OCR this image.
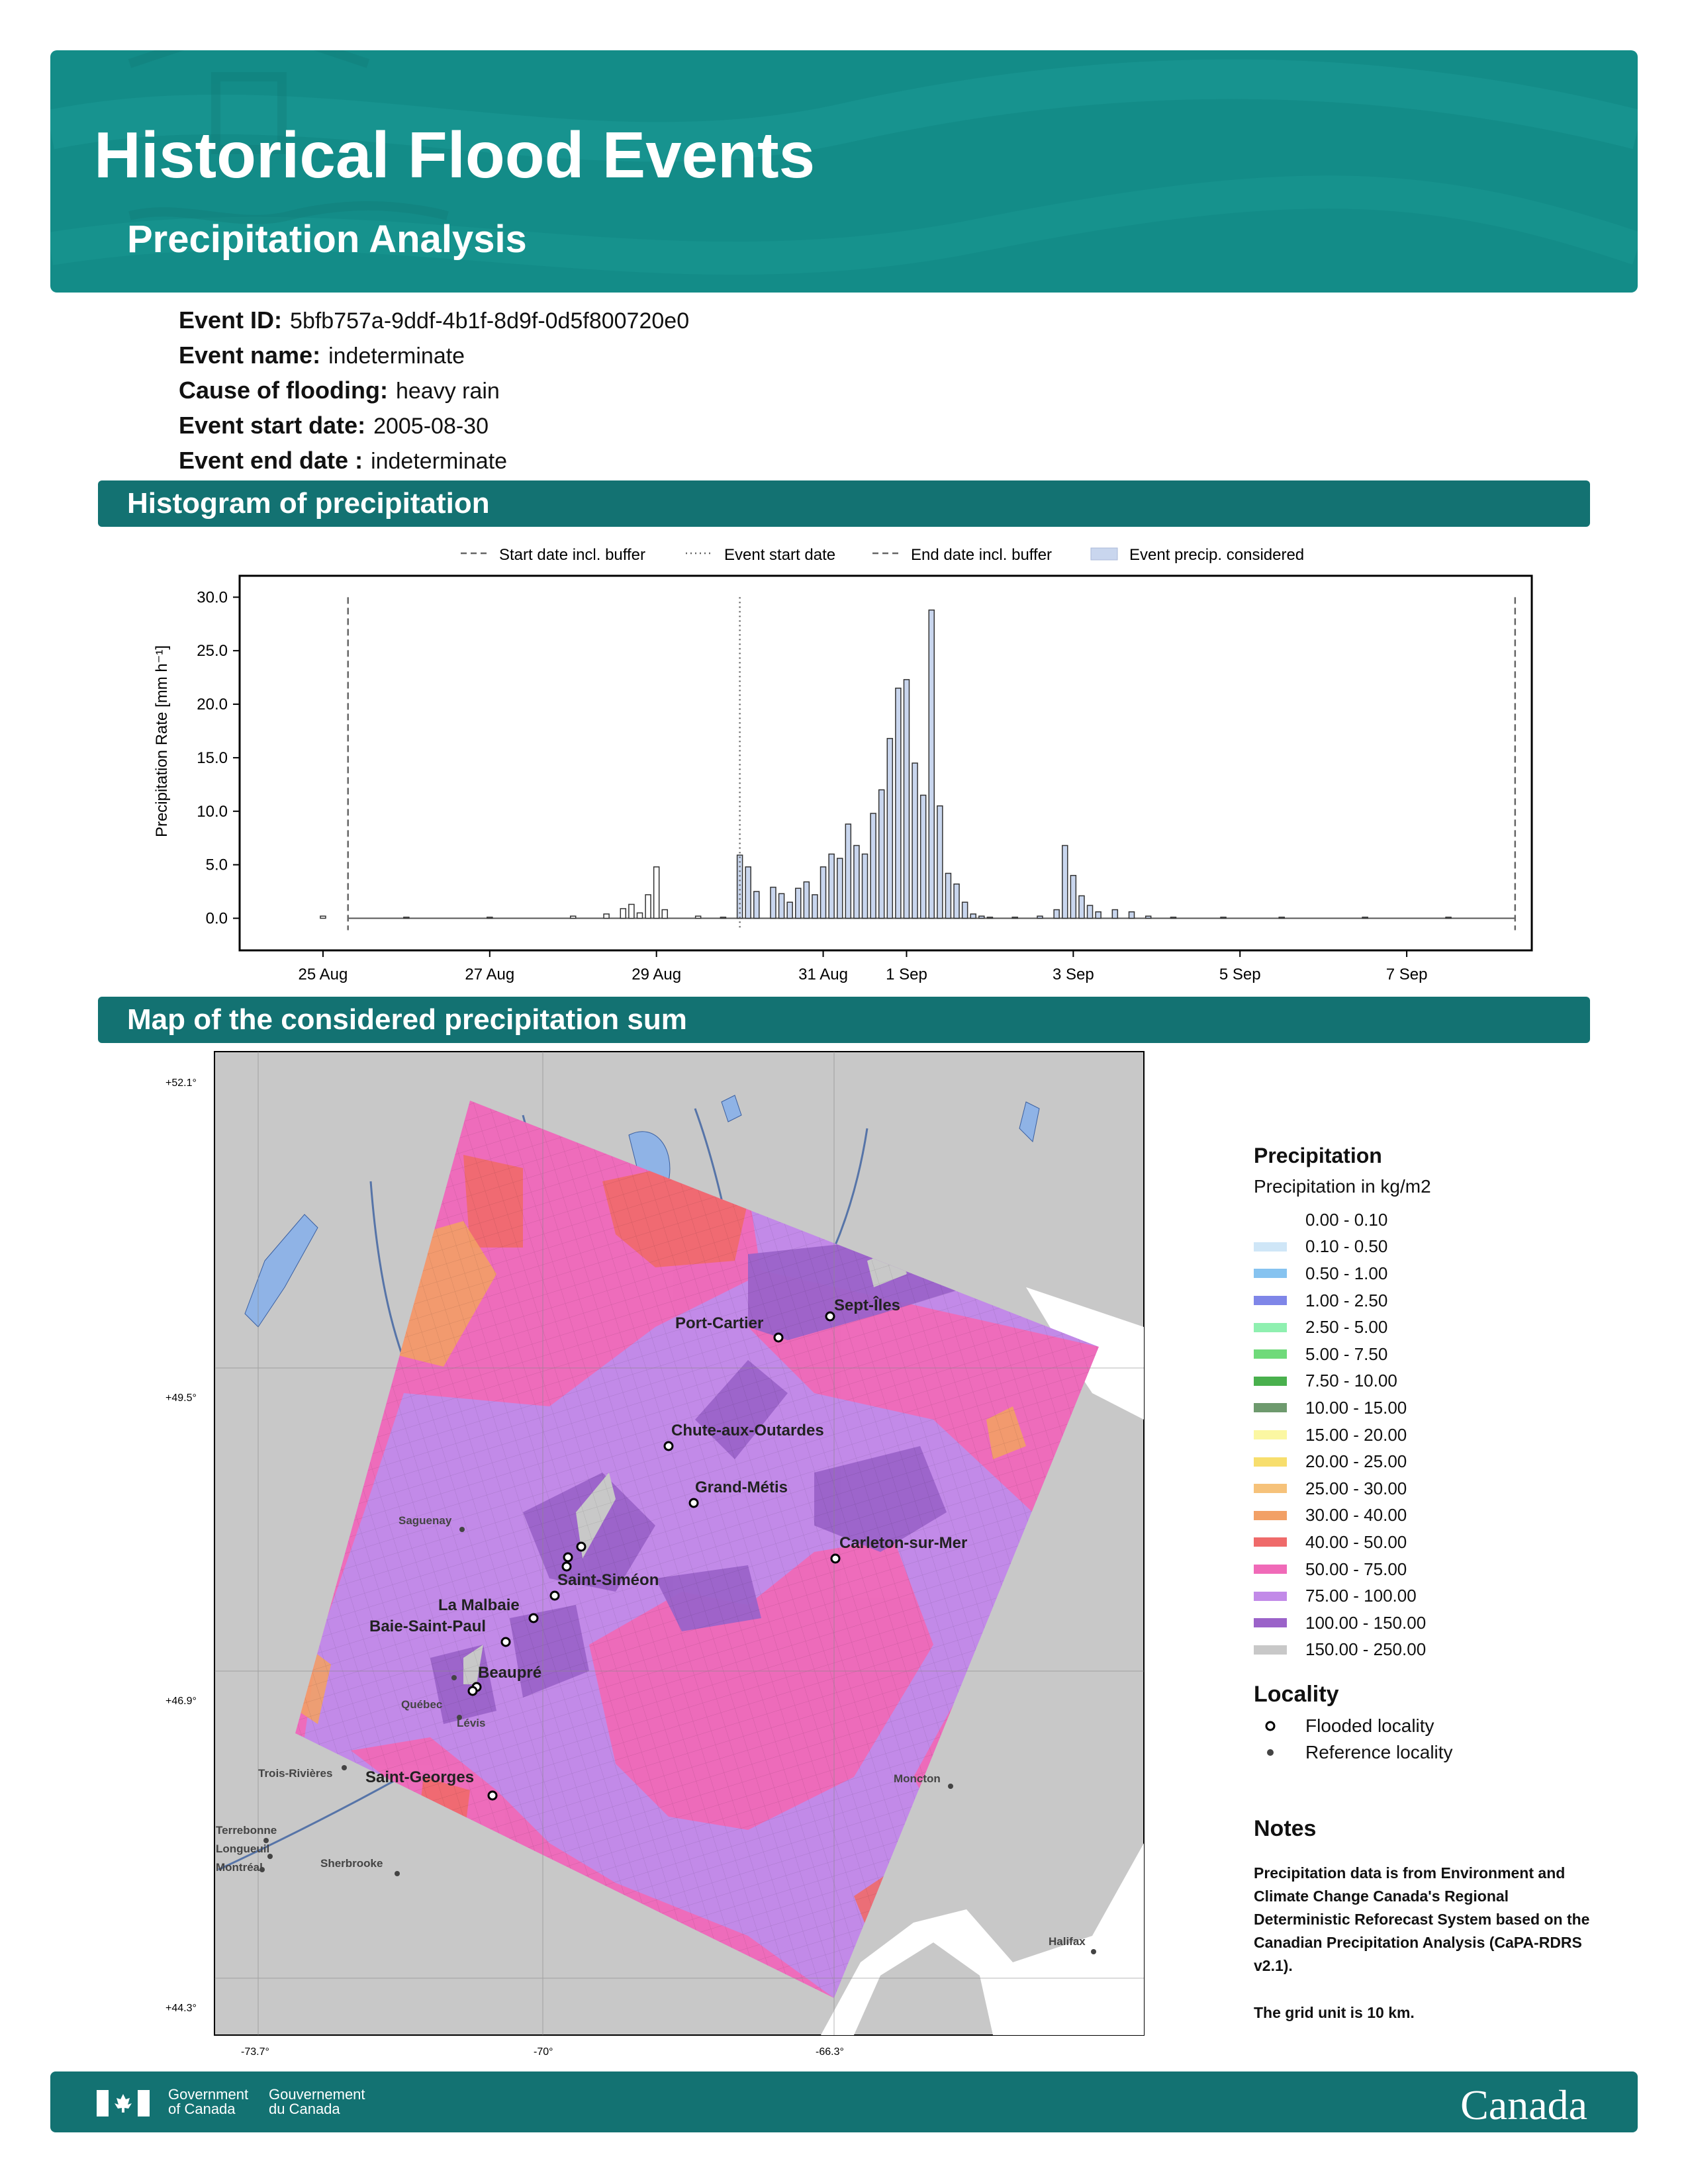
Historical Flood Events
Precipitation Analysis
Event ID: 5bfb757a-9ddf-4b1f-8d9f-0d5f800720e0
Event name: indeterminate
Cause of flooding: heavy rain
Event start date: 2005-08-30
Event end date : indeterminate
Histogram of precipitation
Start date incl. buffer	Event start date	End date incl. buffer	Event precip. considered
Precipitation Rate [mm h⁻¹]
0.0
5.0
10.0
15.0
20.0
25.0
30.0
25 Aug	27 Aug	29 Aug	31 Aug 1 Sep	3 Sep	5 Sep	7 Sep
Map of the considered precipitation sum
+52.1°
+49.5°
+46.9°
+44.3°
-73.7°	-70°	-66.3°
Sept-Îles
Port-Cartier
Chute-aux-Outardes
Grand-Métis
Carleton-sur-Mer
Saint-Siméon
La Malbaie
Baie-Saint-Paul
Beaupré
Saint-Georges
Saguenay
Québec
Lévis
Trois-Rivières
Terrebonne
Longueuil
Montréal	Sherbrooke
Moncton
Halifax
Precipitation
Precipitation in kg/m2
0.00 - 0.10
0.10 - 0.50
0.50 - 1.00
1.00 - 2.50
2.50 - 5.00
5.00 - 7.50
7.50 - 10.00
10.00 - 15.00
15.00 - 20.00
20.00 - 25.00
25.00 - 30.00
30.00 - 40.00
40.00 - 50.00
50.00 - 75.00
75.00 - 100.00
100.00 - 150.00
150.00 - 250.00
Locality
Flooded locality
Reference locality
Notes

Precipitation data is from Environment and Climate Change Canada's Regional Deterministic Reforecast System based on the Canadian Precipitation Analysis (CaPA-RDRS v2.1).

The grid unit is 10 km.

Government
of Canada
Gouvernement
du Canada	Canada
